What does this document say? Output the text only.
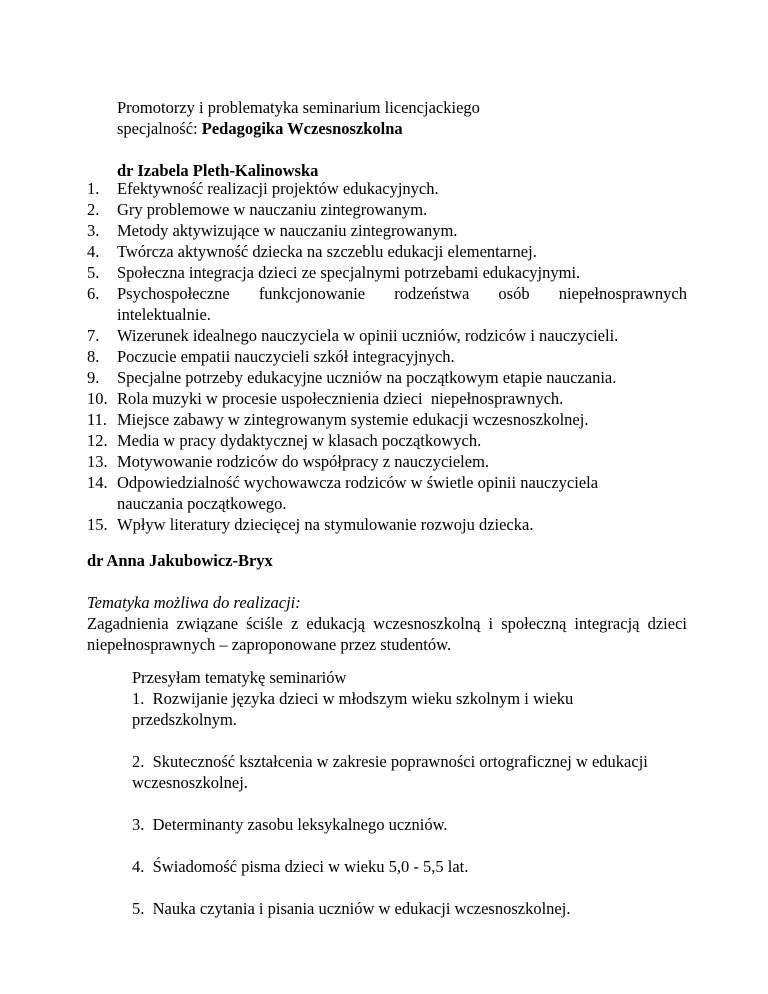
Promotorzy i problematyka seminarium licencjackiego

specjalność: Pedagogika Wczesnoszkolna

dr Izabela Pleth-Kalinowska

1. Efektywność realizacji projektów edukacyjnych.
2. Gry problemowe w nauczaniu zintegrowanym.
3. Metody aktywizujące w nauczaniu zintegrowanym.
4. Twórcza aktywność dziecka na szczeblu edukacji elementarnej.
5. Społeczna integracja dzieci ze specjalnymi potrzebami edukacyjnymi.
6. Psychospołeczne funkcjonowanie rodzeństwa osób niepełnosprawnych
intelektualnie.
7. Wizerunek idealnego nauczyciela w opinii uczniów, rodziców i nauczycieli.
8. Poczucie empatii nauczycieli szkół integracyjnych.
9. Specjalne potrzeby edukacyjne uczniów na początkowym etapie nauczania.
10. Rola muzyki w procesie uspołecznienia dzieci  niepełnosprawnych.
11. Miejsce zabawy w zintegrowanym systemie edukacji wczesnoszkolnej.
12. Media w pracy dydaktycznej w klasach początkowych.
13. Motywowanie rodziców do współpracy z nauczycielem.
14. Odpowiedzialność wychowawcza rodziców w świetle opinii nauczyciela
nauczania początkowego.
15. Wpływ literatury dziecięcej na stymulowanie rozwoju dziecka.

dr Anna Jakubowicz-Bryx

Tematyka możliwa do realizacji:

Zagadnienia związane ściśle z edukacją wczesnoszkolną i społeczną integracją dzieci niepełnosprawnych – zaproponowane przez studentów.

Przesyłam tematykę seminariów

1.  Rozwijanie języka dzieci w młodszym wieku szkolnym i wieku przedszkolnym.

2.  Skuteczność kształcenia w zakresie poprawności ortograficznej w edukacji wczesnoszkolnej.

3.  Determinanty zasobu leksykalnego uczniów.

4.  Świadomość pisma dzieci w wieku 5,0 - 5,5 lat.

5.  Nauka czytania i pisania uczniów w edukacji wczesnoszkolnej.
